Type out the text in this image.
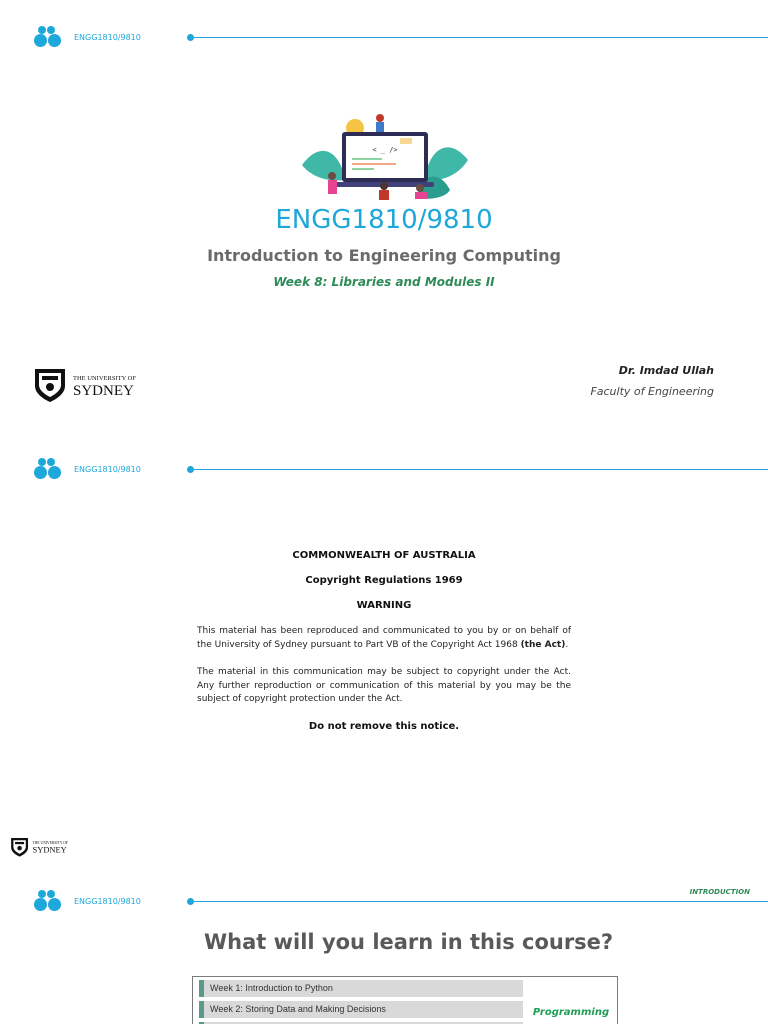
ENGG1810/9810
< _ />
ENGG1810/9810
Introduction to Engineering Computing
Week 8: Libraries and Modules II
THE UNIVERSITY OF
SYDNEY
Dr. Imdad Ullah
Faculty of Engineering
ENGG1810/9810
COMMONWEALTH OF AUSTRALIA
Copyright Regulations 1969
WARNING

This material has been reproduced and communicated to you by or on behalf of the University of Sydney pursuant to Part VB of the Copyright Act 1968 (the Act).

The material in this communication may be subject to copyright under the Act. Any further reproduction or communication of this material by you may be the subject of copyright protection under the Act.

Do not remove this notice.
THE UNIVERSITY OF
SYDNEY
ENGG1810/9810
INTRODUCTION
What will you learn in this course?
Week 1: Introduction to Python
Week 2: Storing Data and Making Decisions	Programming
